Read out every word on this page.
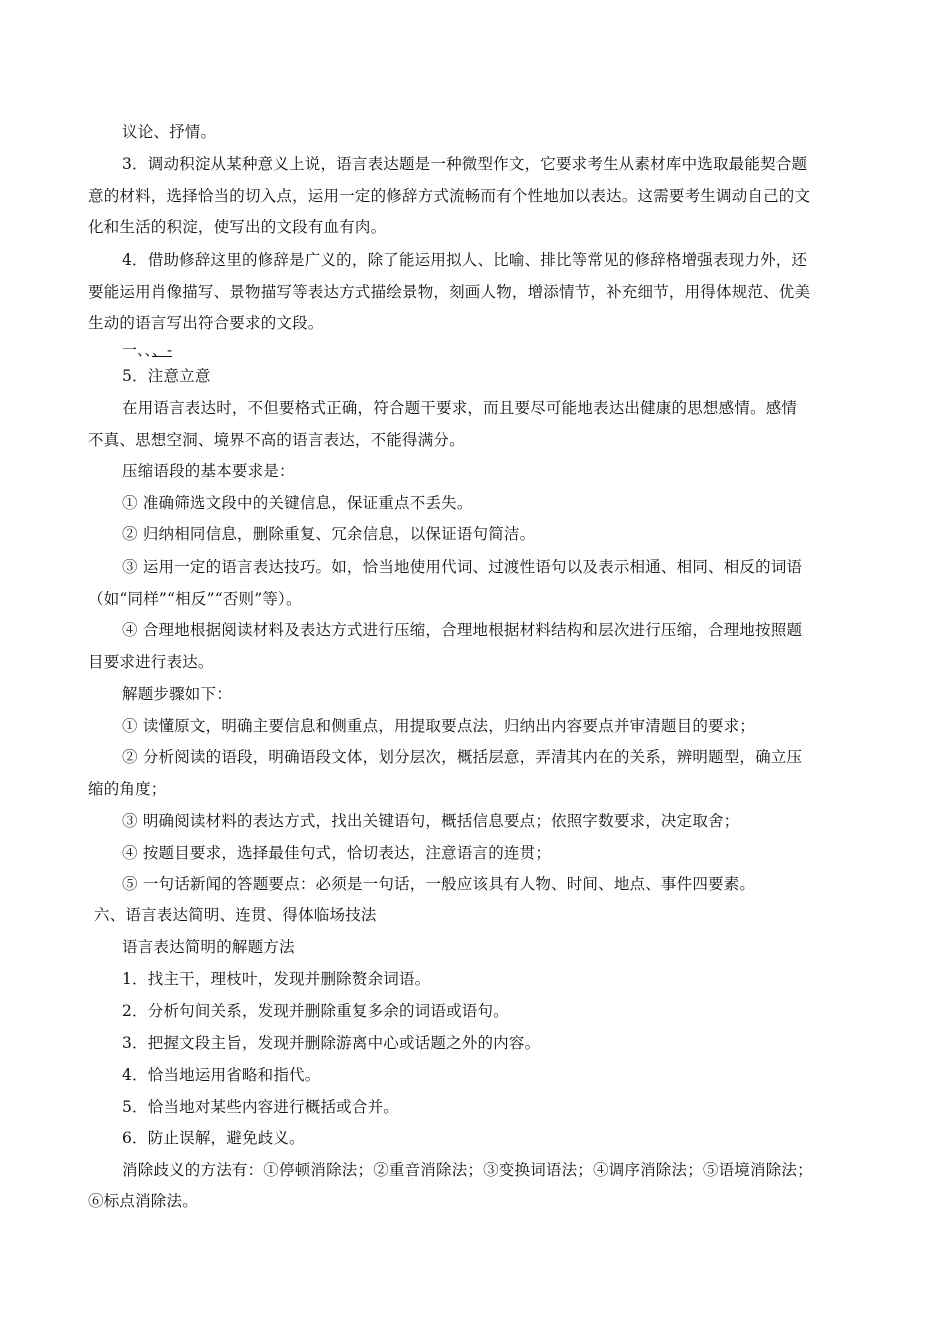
议论、抒情。
3．调动积淀从某种意义上说，语言表达题是一种微型作文，它要求考生从素材库中选取最能契合题
意的材料，选择恰当的切入点，运用一定的修辞方式流畅而有个性地加以表达。这需要考生调动自己的文
化和生活的积淀，使写出的文段有血有肉。
4．借助修辞这里的修辞是广义的，除了能运用拟人、比喻、排比等常见的修辞格增强表现力外，还
要能运用肖像描写、景物描写等表达方式描绘景物，刻画人物，增添情节，补充细节，用得体规范、优美
生动的语言写出符合要求的文段。
一、、、-
5．注意立意
在用语言表达时，不但要格式正确，符合题干要求，而且要尽可能地表达出健康的思想感情。感情
不真、思想空洞、境界不高的语言表达，不能得满分。
压缩语段的基本要求是：
① 准确筛选文段中的关键信息，保证重点不丢失。
② 归纳相同信息，删除重复、冗余信息，以保证语句简洁。
③ 运用一定的语言表达技巧。如，恰当地使用代词、过渡性语句以及表示相通、相同、相反的词语
（如“同样”“相反”“否则”等）。
④ 合理地根据阅读材料及表达方式进行压缩，合理地根据材料结构和层次进行压缩，合理地按照题
目要求进行表达。
解题步骤如下：
① 读懂原文，明确主要信息和侧重点，用提取要点法，归纳出内容要点并审清题目的要求；
② 分析阅读的语段，明确语段文体，划分层次，概括层意，弄清其内在的关系，辨明题型，确立压
缩的角度；
③ 明确阅读材料的表达方式，找出关键语句，概括信息要点；依照字数要求，决定取舍；
④ 按题目要求，选择最佳句式，恰切表达，注意语言的连贯；
⑤ 一句话新闻的答题要点：必须是一句话，一般应该具有人物、时间、地点、事件四要素。
六、语言表达简明、连贯、得体临场技法
语言表达简明的解题方法
1．找主干，理枝叶，发现并删除赘余词语。
2．分析句间关系，发现并删除重复多余的词语或语句。
3．把握文段主旨，发现并删除游离中心或话题之外的内容。
4．恰当地运用省略和指代。
5．恰当地对某些内容进行概括或合并。
6．防止误解，避免歧义。
消除歧义的方法有：①停顿消除法；②重音消除法；③变换词语法；④调序消除法；⑤语境消除法；
⑥标点消除法。
